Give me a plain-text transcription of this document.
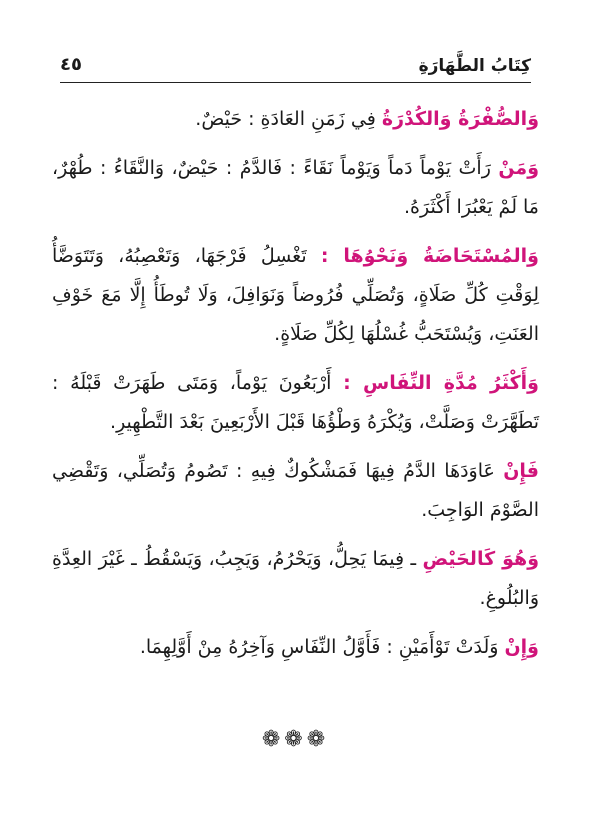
كِتَابُ الطَّهَارَةِ
٤٥

وَالصُّفْرَةُ وَالكُدْرَةُ فِي زَمَنِ العَادَةِ : حَيْضٌ.

وَمَنْ رَأَتْ يَوْماً دَماً وَيَوْماً نَقَاءً : فَالدَّمُ : حَيْضٌ، وَالنَّقَاءُ : طُهْرٌ، مَا لَمْ يَعْبُرَا أَكْثَرَهُ.

وَالمُسْتَحَاضَةُ وَنَحْوُهَا : تَغْسِلُ فَرْجَهَا، وَتَعْصِبُهُ، وَتَتَوَضَّأُ لِوَقْتِ كُلِّ صَلَاةٍ، وَتُصَلِّي فُرُوضاً وَنَوَافِلَ، وَلَا تُوطَأُ إِلَّا مَعَ خَوْفِ العَنَتِ، وَيُسْتَحَبُّ غُسْلُهَا لِكُلِّ صَلَاةٍ.

وَأَكْثَرُ مُدَّةِ النِّفَاسِ : أَرْبَعُونَ يَوْماً، وَمَتَى طَهَرَتْ قَبْلَهُ : تَطَهَّرَتْ وَصَلَّتْ، وَيُكْرَهُ وَطْؤُهَا قَبْلَ الأَرْبَعِينَ بَعْدَ التَّطْهِيرِ.

فَإِنْ عَاوَدَهَا الدَّمُ فِيهَا فَمَشْكُوكٌ فِيهِ : تَصُومُ وَتُصَلِّي، وَتَقْضِي الصَّوْمَ الوَاجِبَ.

وَهُوَ كَالحَيْضِ ـ فِيمَا يَحِلُّ، وَيَحْرُمُ، وَيَجِبُ، وَيَسْقُطُ ـ غَيْرَ العِدَّةِ وَالبُلُوغِ.

وَإِنْ وَلَدَتْ تَوْأَمَيْنِ : فَأَوَّلُ النِّفَاسِ وَآخِرُهُ مِنْ أَوَّلِهِمَا.

❁❁❁
